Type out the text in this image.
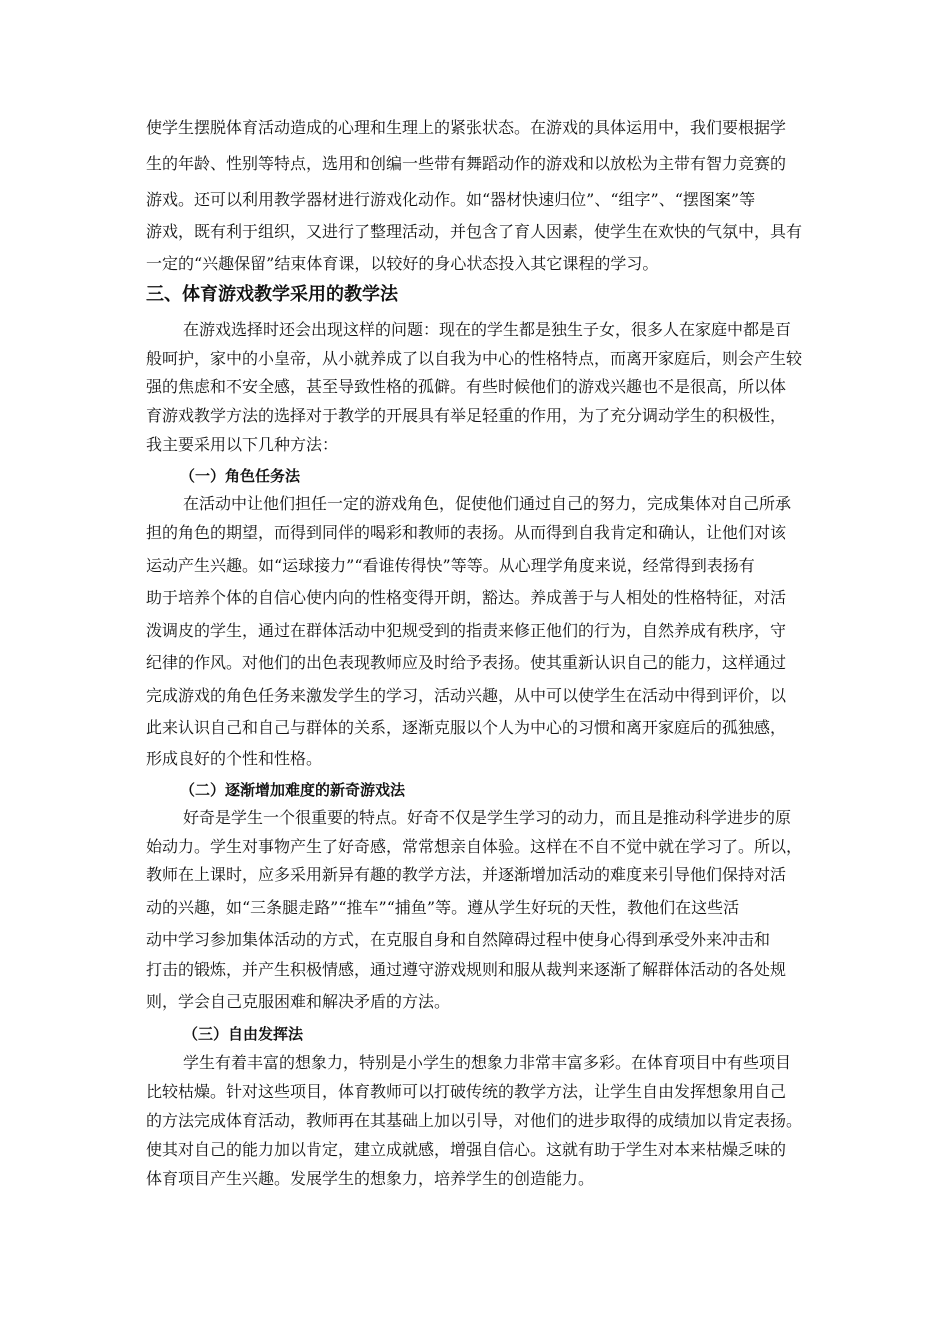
使学生摆脱体育活动造成的心理和生理上的紧张状态。在游戏的具体运用中，我们要根据学
生的年龄、性别等特点，选用和创编一些带有舞蹈动作的游戏和以放松为主带有智力竞赛的
游戏。还可以利用教学器材进行游戏化动作。如“器材快速归位”、“组字”、“摆图案”等
游戏，既有利于组织，又进行了整理活动，并包含了育人因素，使学生在欢快的气氛中，具有
一定的“兴趣保留”结束体育课，以较好的身心状态投入其它课程的学习。
三、体育游戏教学采用的教学法
在游戏选择时还会出现这样的问题：现在的学生都是独生子女，很多人在家庭中都是百
般呵护，家中的小皇帝，从小就养成了以自我为中心的性格特点，而离开家庭后，则会产生较
强的焦虑和不安全感，甚至导致性格的孤僻。有些时候他们的游戏兴趣也不是很高，所以体
育游戏教学方法的选择对于教学的开展具有举足轻重的作用，为了充分调动学生的积极性，
我主要采用以下几种方法：
（一）角色任务法
在活动中让他们担任一定的游戏角色，促使他们通过自己的努力，完成集体对自己所承
担的角色的期望，而得到同伴的喝彩和教师的表扬。从而得到自我肯定和确认，让他们对该
运动产生兴趣。如“运球接力”“看谁传得快”等等。从心理学角度来说，经常得到表扬有
助于培养个体的自信心使内向的性格变得开朗，豁达。养成善于与人相处的性格特征，对活
泼调皮的学生，通过在群体活动中犯规受到的指责来修正他们的行为，自然养成有秩序，守
纪律的作风。对他们的出色表现教师应及时给予表扬。使其重新认识自己的能力，这样通过
完成游戏的角色任务来激发学生的学习，活动兴趣，从中可以使学生在活动中得到评价，以
此来认识自己和自己与群体的关系，逐渐克服以个人为中心的习惯和离开家庭后的孤独感，
形成良好的个性和性格。
（二）逐渐增加难度的新奇游戏法
好奇是学生一个很重要的特点。好奇不仅是学生学习的动力，而且是推动科学进步的原
始动力。学生对事物产生了好奇感，常常想亲自体验。这样在不自不觉中就在学习了。所以，
教师在上课时，应多采用新异有趣的教学方法，并逐渐增加活动的难度来引导他们保持对活
动的兴趣，如“三条腿走路”“推车”“捕鱼”等。遵从学生好玩的天性，教他们在这些活
动中学习参加集体活动的方式，在克服自身和自然障碍过程中使身心得到承受外来冲击和
打击的锻炼，并产生积极情感，通过遵守游戏规则和服从裁判来逐渐了解群体活动的各处规
则，学会自己克服困难和解决矛盾的方法。
（三）自由发挥法
学生有着丰富的想象力，特别是小学生的想象力非常丰富多彩。在体育项目中有些项目
比较枯燥。针对这些项目，体育教师可以打破传统的教学方法，让学生自由发挥想象用自己
的方法完成体育活动，教师再在其基础上加以引导，对他们的进步取得的成绩加以肯定表扬。
使其对自己的能力加以肯定，建立成就感，增强自信心。这就有助于学生对本来枯燥乏味的
体育项目产生兴趣。发展学生的想象力，培养学生的创造能力。
